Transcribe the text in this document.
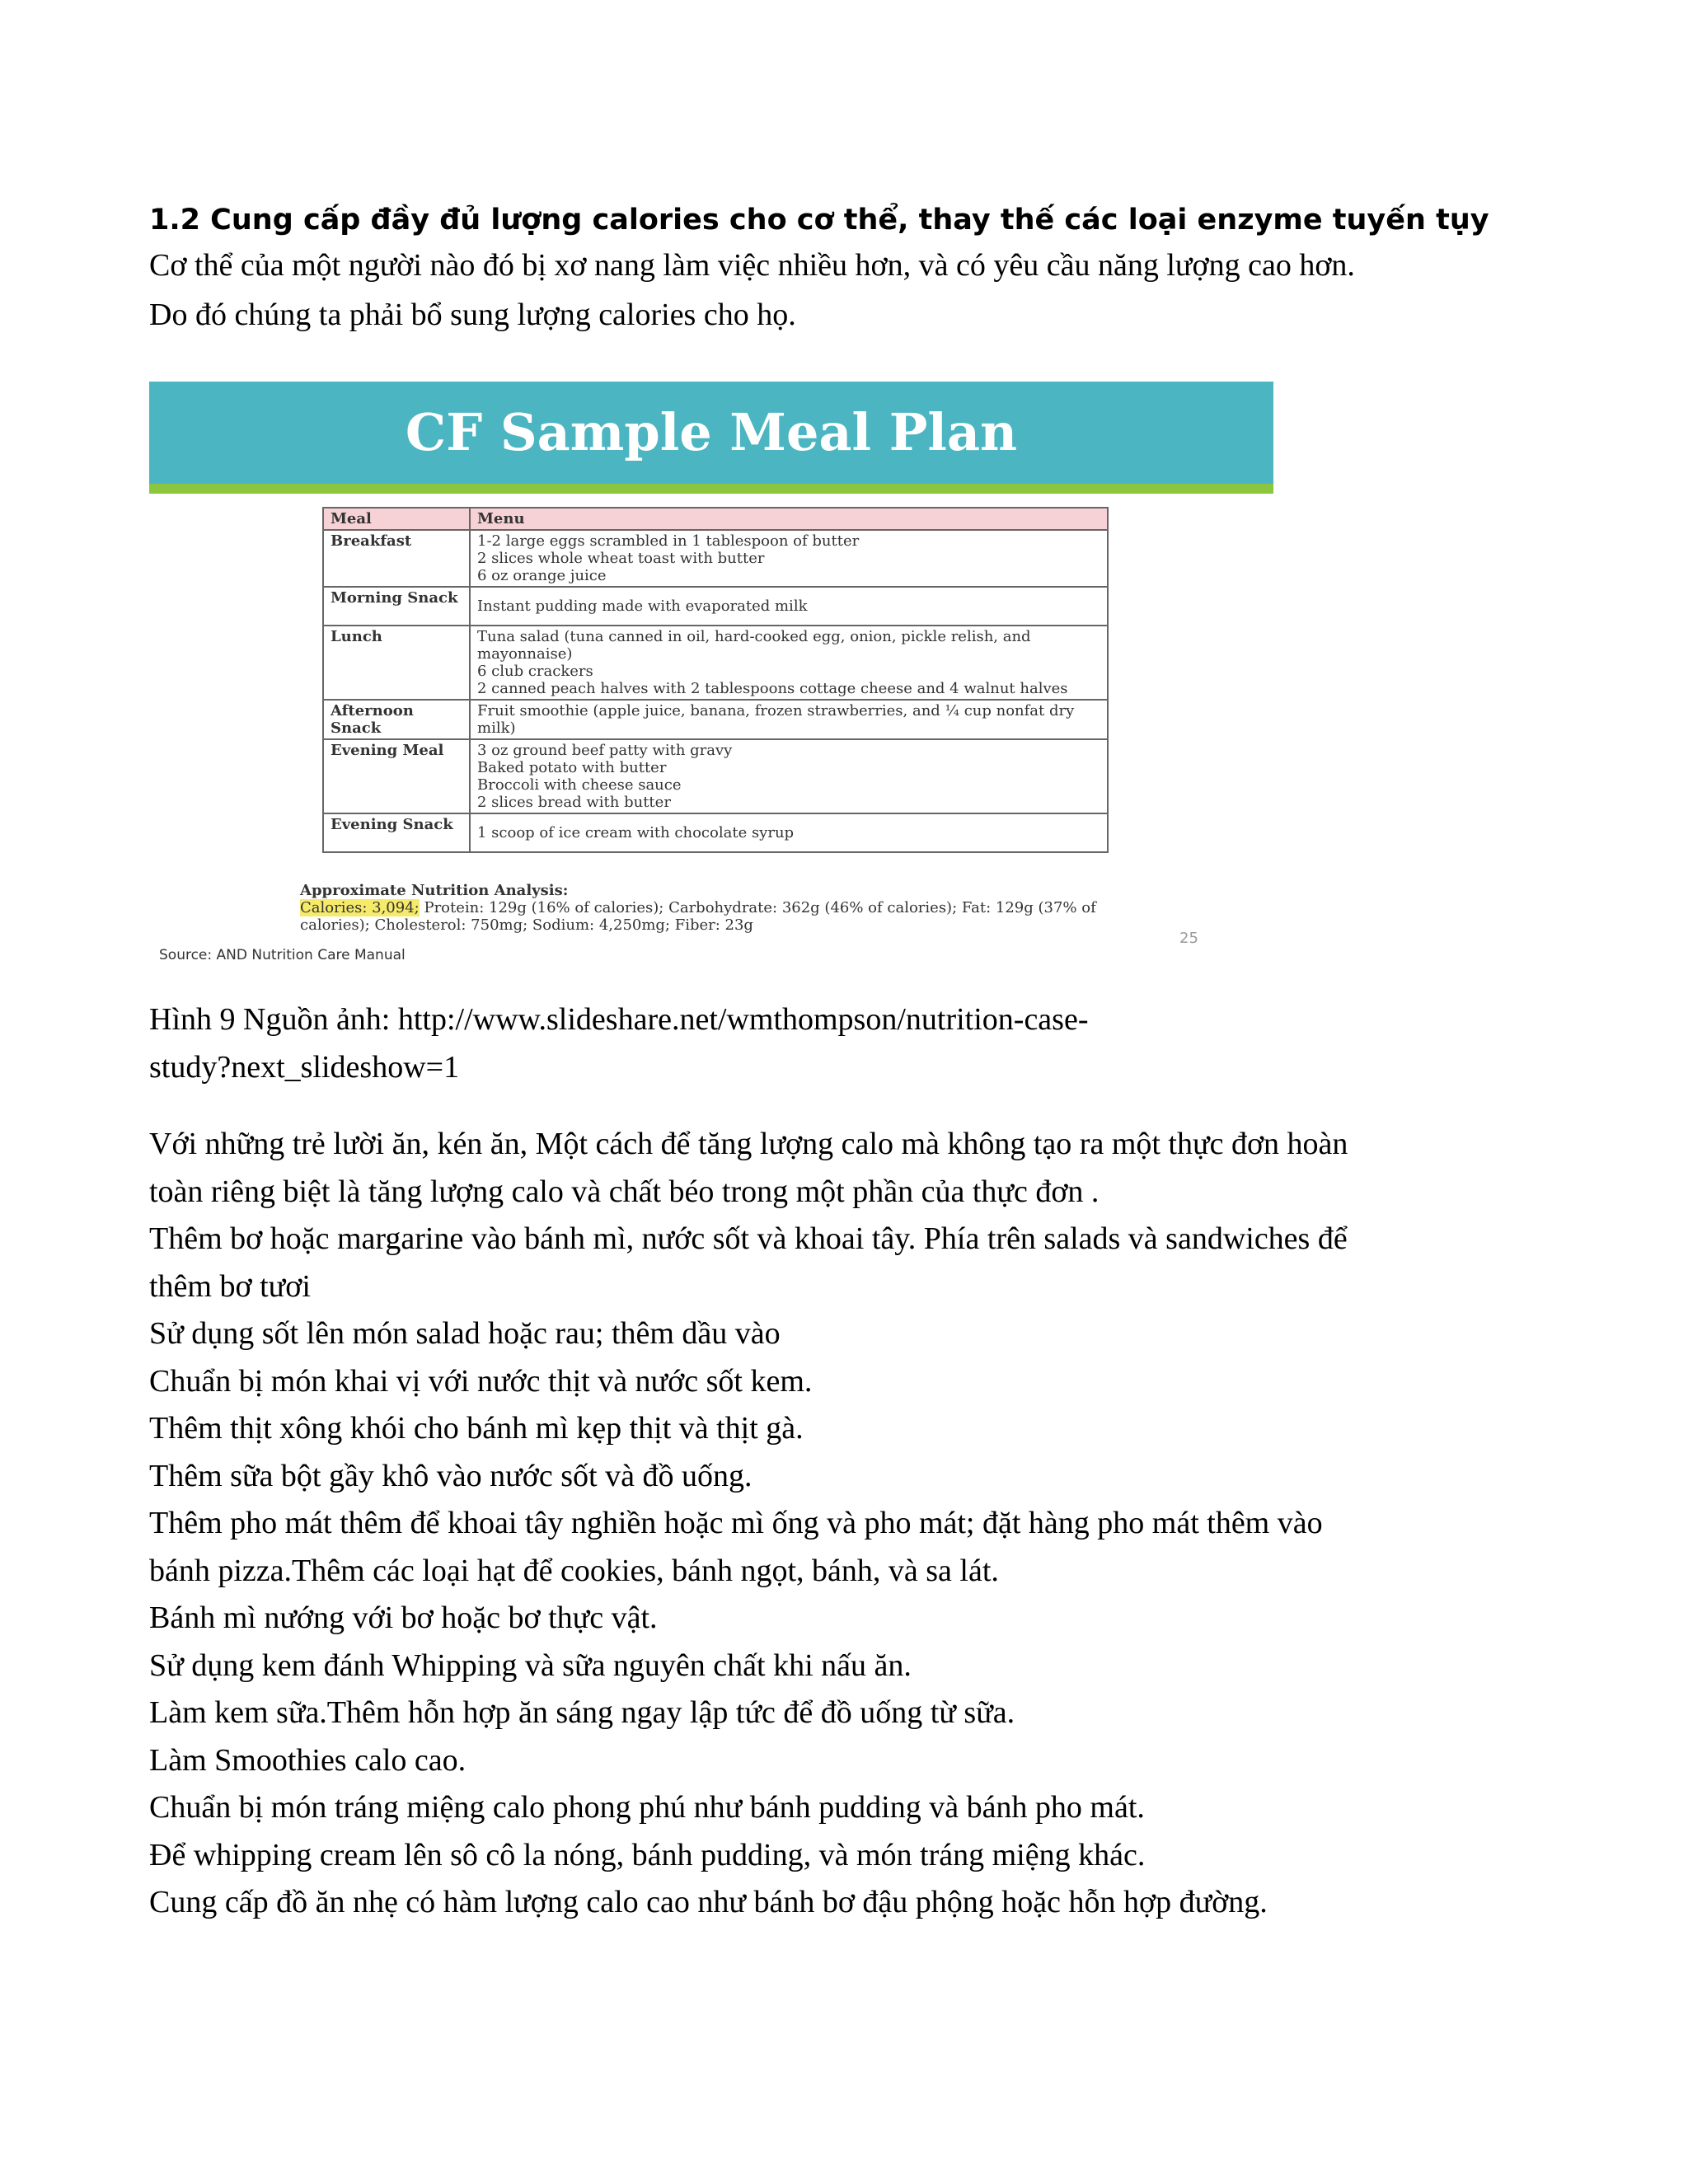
1.2 Cung cấp đầy đủ lượng calories cho cơ thể, thay thế các loại enzyme tuyến tụy
Cơ thể của một người nào đó bị xơ nang làm việc nhiều hơn, và có yêu cầu năng lượng cao hơn.
Do đó chúng ta phải bổ sung lượng calories cho họ.
CF Sample Meal Plan
Meal	Menu
Breakfast	1-2 large eggs scrambled in 1 tablespoon of butter
2 slices whole wheat toast with butter
6 oz orange juice

Morning Snack	Instant pudding made with evaporated milk

Lunch	Tuna salad (tuna canned in oil, hard-cooked egg, onion, pickle relish, and mayonnaise)
6 club crackers
2 canned peach halves with 2 tablespoons cottage cheese and 4 walnut halves

Afternoon Snack	Fruit smoothie (apple juice, banana, frozen strawberries, and ¼ cup nonfat dry milk)

Evening Meal	3 oz ground beef patty with gravy
Baked potato with butter
Broccoli with cheese sauce
2 slices bread with butter

Evening Snack	1 scoop of ice cream with chocolate syrup
Approximate Nutrition Analysis:
Calories: 3,094; Protein: 129g (16% of calories); Carbohydrate: 362g (46% of calories); Fat: 129g (37% of calories); Cholesterol: 750mg; Sodium: 4,250mg; Fiber: 23g
Source: AND Nutrition Care Manual
25
Hình 9 Nguồn ảnh: http://www.slideshare.net/wmthompson/nutrition-case-
study?next_slideshow=1
Với những trẻ lười ăn, kén ăn, Một cách để tăng lượng calo mà không tạo ra một thực đơn hoàn
toàn riêng biệt là tăng lượng calo và chất béo trong một phần của thực đơn .
Thêm bơ hoặc margarine vào bánh mì, nước sốt và khoai tây. Phía trên salads và sandwiches để
thêm bơ tươi
Sử dụng sốt lên món salad hoặc rau; thêm dầu vào
Chuẩn bị món khai vị với nước thịt và nước sốt kem.
Thêm thịt xông khói cho bánh mì kẹp thịt và thịt gà.
Thêm sữa bột gầy khô vào nước sốt và đồ uống.
Thêm pho mát thêm để khoai tây nghiền hoặc mì ống và pho mát; đặt hàng pho mát thêm vào
bánh pizza.Thêm các loại hạt để cookies, bánh ngọt, bánh, và sa lát.
Bánh mì nướng với bơ hoặc bơ thực vật.
Sử dụng kem đánh Whipping và sữa nguyên chất khi nấu ăn.
Làm kem sữa.Thêm hỗn hợp ăn sáng ngay lập tức để đồ uống từ sữa.
Làm Smoothies calo cao.
Chuẩn bị món tráng miệng calo phong phú như bánh pudding và bánh pho mát.
Để whipping cream lên sô cô la nóng, bánh pudding, và món tráng miệng khác.
Cung cấp đồ ăn nhẹ có hàm lượng calo cao như bánh bơ đậu phộng hoặc hỗn hợp đường.
